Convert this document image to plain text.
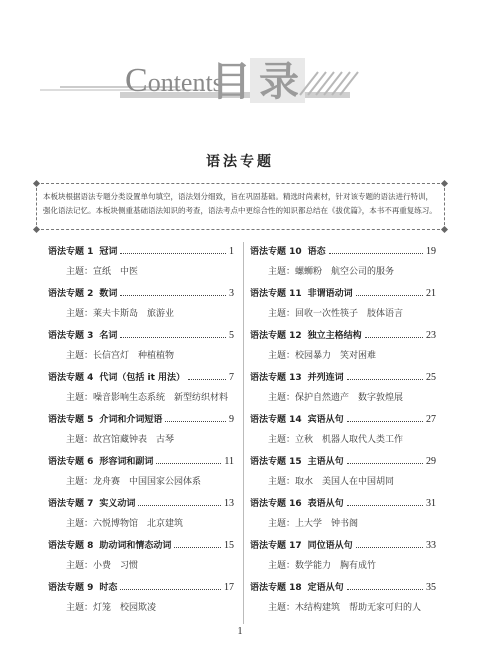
Contents
目 录
语法专题
本板块根据语法专题分类设置单句填空，语法划分细致，旨在巩固基础。精选时尚素材，针对该专题的语法进行特训，
强化语法记忆。本板块侧重基础语法知识的考查，语法考点中更综合性的知识都总结在《拔优篇》，本书不再重复练习。
语法专题 1 冠词	1
主题：宣纸　中医
语法专题 2 数词	3
主题：莱夫卡斯岛　旅游业
语法专题 3 名词	5
主题：长信宫灯　种植植物
语法专题 4 代词（包括 it 用法）	7
主题：噪音影响生态系统　新型纺织材料
语法专题 5 介词和介词短语	9
主题：故宫馆藏钟表　古琴
语法专题 6 形容词和副词	11
主题：龙舟赛　中国国家公园体系
语法专题 7 实义动词	13
主题：六悦博物馆　北京建筑
语法专题 8 助动词和情态动词	15
主题：小费　习惯
语法专题 9 时态	17
主题：灯笼　校园欺凌
语法专题 10 语态	19
主题：螺蛳粉　航空公司的服务
语法专题 11 非谓语动词	21
主题：回收一次性筷子　肢体语言
语法专题 12 独立主格结构	23
主题：校园暴力　笑对困难
语法专题 13 并列连词	25
主题：保护自然遗产　数字敦煌展
语法专题 14 宾语从句	27
主题：立秋　机器人取代人类工作
语法专题 15 主语从句	29
主题：取水　美国人在中国胡同
语法专题 16 表语从句	31
主题：上大学　钟书阁
语法专题 17 同位语从句	33
主题：数学能力　胸有成竹
语法专题 18 定语从句	35
主题：木结构建筑　帮助无家可归的人
1
